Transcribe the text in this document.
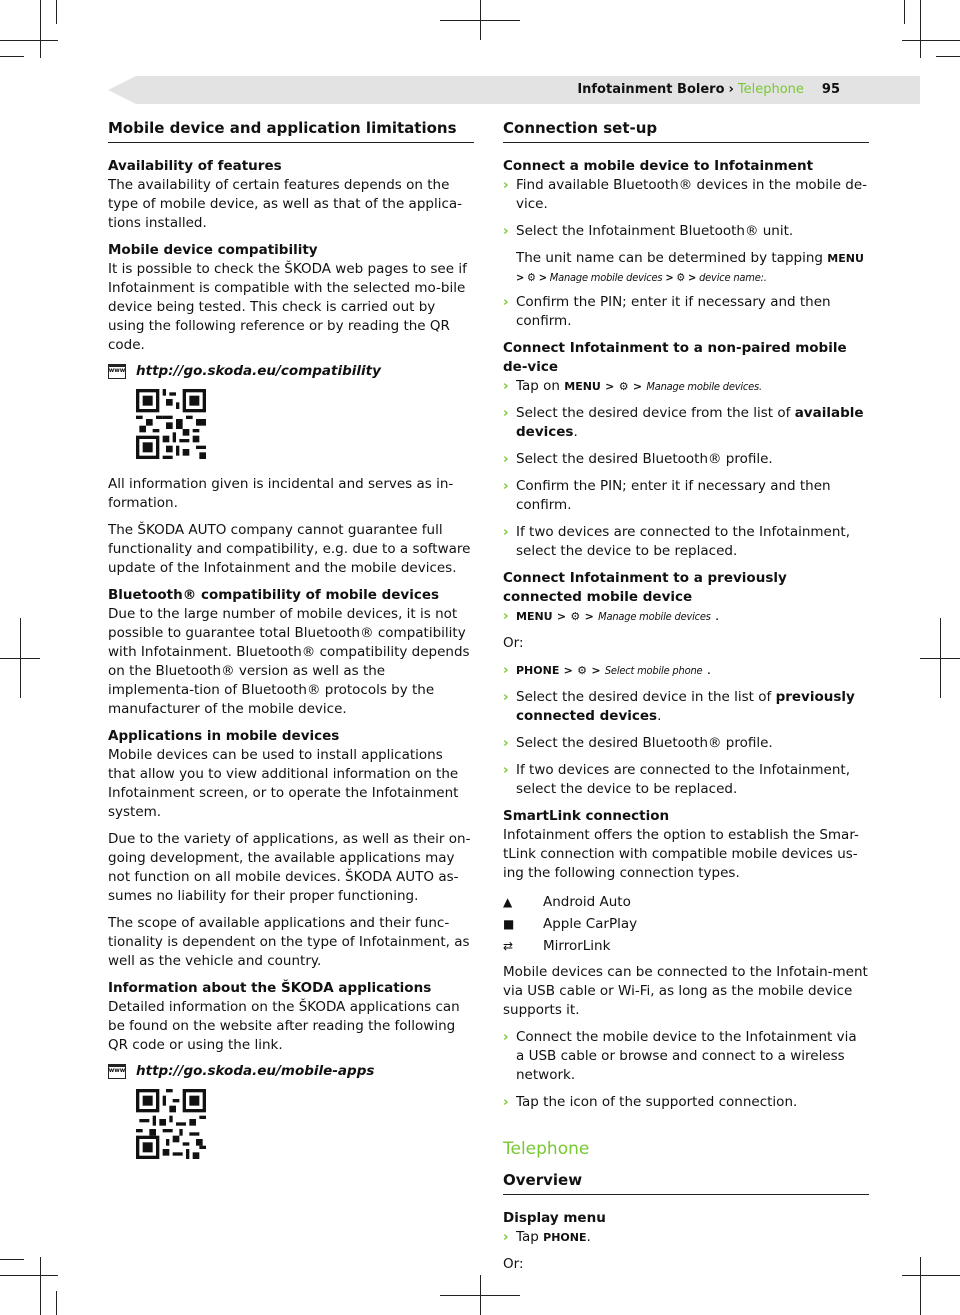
Infotainment Bolero › Telephone 95
Mobile device and application limitations

Availability of features
The availability of certain features depends on the type of mobile device, as well as that of the applica-tions installed.

Mobile device compatibility
It is possible to check the ŠKODA web pages to see if Infotainment is compatible with the selected mo-bile device being tested. This check is carried out by using the following reference or by reading the QR code.

www http://go.skoda.eu/compatibility

All information given is incidental and serves as in-formation.

The ŠKODA AUTO company cannot guarantee full functionality and compatibility, e.g. due to a software update of the Infotainment and the mobile devices.

Bluetooth® compatibility of mobile devices
Due to the large number of mobile devices, it is not possible to guarantee total Bluetooth® compatibility with Infotainment. Bluetooth® compatibility depends on the Bluetooth® version as well as the implementa-tion of Bluetooth® protocols by the manufacturer of the mobile device.

Applications in mobile devices
Mobile devices can be used to install applications that allow you to view additional information on the Infotainment screen, or to operate the Infotainment system.

Due to the variety of applications, as well as their on-going development, the available applications may not function on all mobile devices. ŠKODA AUTO as-sumes no liability for their proper functioning.

The scope of available applications and their func-tionality is dependent on the type of Infotainment, as well as the vehicle and country.

Information about the ŠKODA applications
Detailed information on the ŠKODA applications can be found on the website after reading the following QR code or using the link.

www http://go.skoda.eu/mobile-apps
Connection set-up

Connect a mobile device to Infotainment

› Find available Bluetooth® devices in the mobile de-vice.
› Select the Infotainment Bluetooth® unit.
The unit name can be determined by tapping MENU
> ⚙ > Manage mobile devices > ⚙ > device name:.
› Confirm the PIN; enter it if necessary and then confirm.

Connect Infotainment to a non-paired mobile de-vice

› Tap on MENU > ⚙ > Manage mobile devices.
› Select the desired device from the list of available devices.
› Select the desired Bluetooth® profile.
› Confirm the PIN; enter it if necessary and then confirm.
› If two devices are connected to the Infotainment, select the device to be replaced.

Connect Infotainment to a previously connected mobile device

› MENU > ⚙ > Manage mobile devices .

Or:

› PHONE > ⚙ > Select mobile phone .
› Select the desired device in the list of previously connected devices.
› Select the desired Bluetooth® profile.
› If two devices are connected to the Infotainment, select the device to be replaced.

SmartLink connection
Infotainment offers the option to establish the Smar-tLink connection with compatible mobile devices us-ing the following connection types.

▲	Android Auto
■	Apple CarPlay
⇄	MirrorLink

Mobile devices can be connected to the Infotain-ment via USB cable or Wi-Fi, as long as the mobile device supports it.

› Connect the mobile device to the Infotainment via a USB cable or browse and connect to a wireless network.
› Tap the icon of the supported connection.
Telephone
Overview

Display menu

› Tap PHONE.

Or:
